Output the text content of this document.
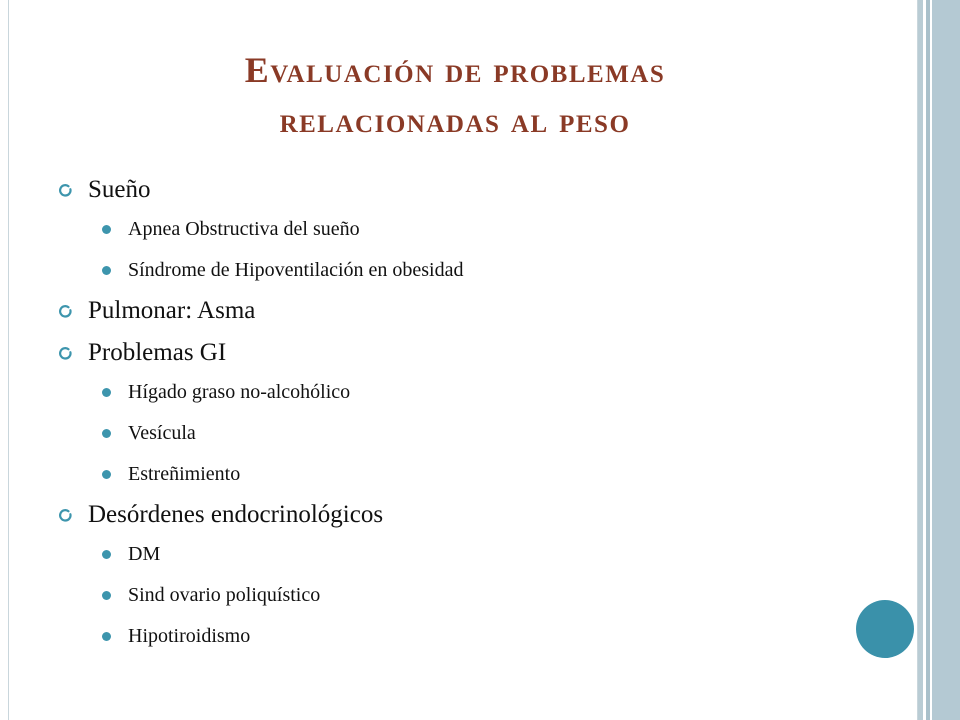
Evaluación de problemas
relacionadas al peso
Sueño
Apnea Obstructiva del sueño
Síndrome de Hipoventilación en obesidad
Pulmonar: Asma
Problemas GI
Hígado graso no-alcohólico
Vesícula
Estreñimiento
Desórdenes endocrinológicos
DM
Sind ovario poliquístico
Hipotiroidismo
